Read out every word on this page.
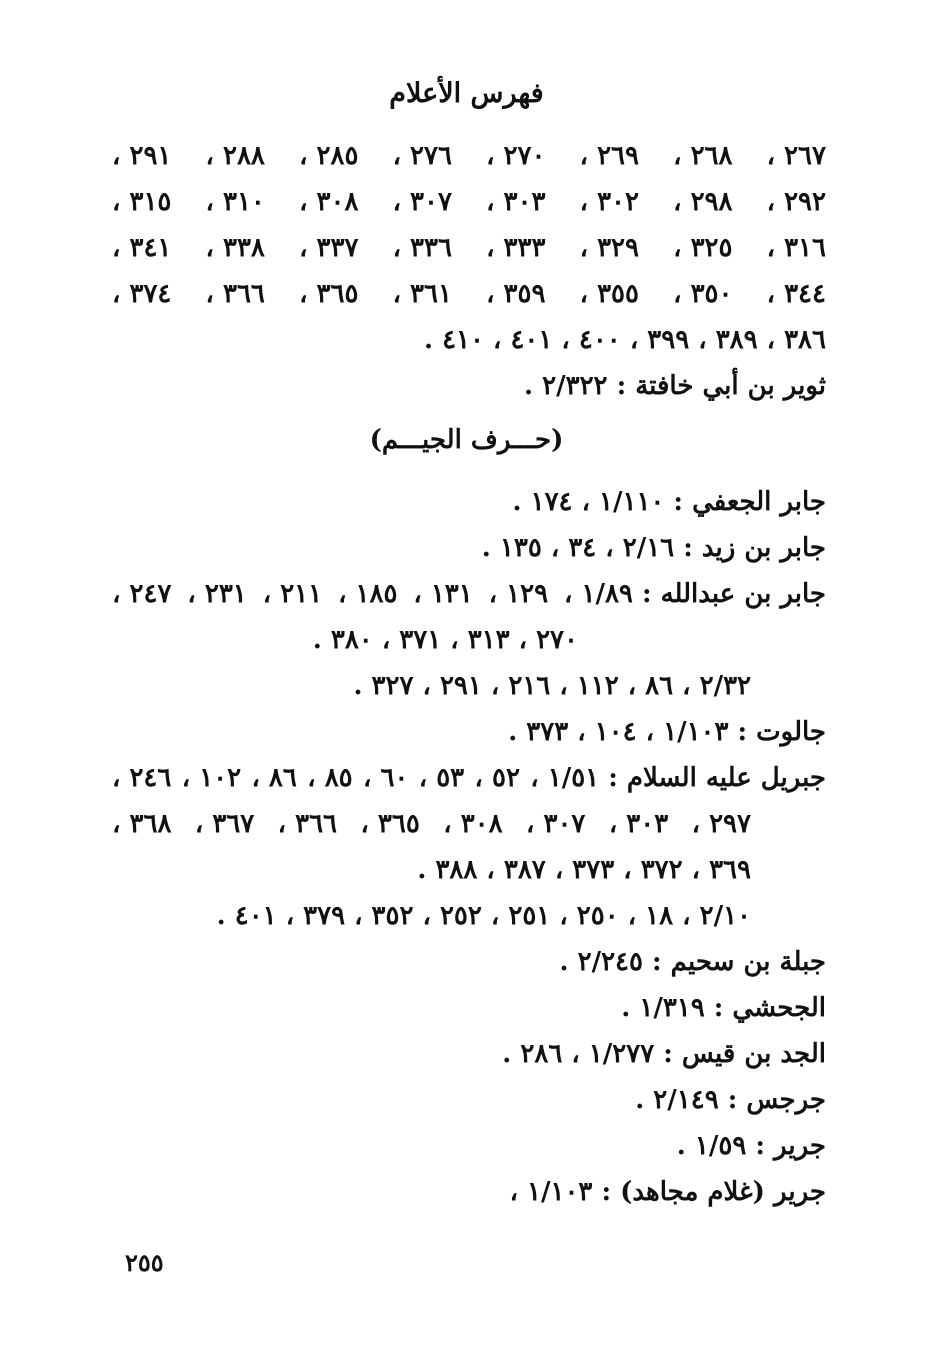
فهرس الأعلام
٢٦٧ ،
٢٦٨ ،
٢٦٩ ،
٢٧٠ ،
٢٧٦ ،
٢٨٥ ،
٢٨٨ ،
٢٩١ ،
٢٩٢ ،
٢٩٨ ،
٣٠٢ ،
٣٠٣ ،
٣٠٧ ،
٣٠٨ ،
٣١٠ ،
٣١٥ ،
٣١٦ ،
٣٢٥ ،
٣٢٩ ،
٣٣٣ ،
٣٣٦ ،
٣٣٧ ،
٣٣٨ ،
٣٤١ ،
٣٤٤ ،
٣٥٠ ،
٣٥٥ ،
٣٥٩ ،
٣٦١ ،
٣٦٥ ،
٣٦٦ ،
٣٧٤ ،
٣٨٦ ، ٣٨٩ ، ٣٩٩ ، ٤٠٠ ، ٤٠١ ، ٤١٠ .
ثوير بن أبي خافتة : ٢/٣٢٢ .
(حـــرف الجيـــم)
جابر الجعفي : ١/١١٠ ، ١٧٤ .
جابر بن زيد : ٢/١٦ ، ٣٤ ، ١٣٥ .
جابر بن عبدالله : ١/٨٩ ،
١٢٩ ،
١٣١ ،
١٨٥ ،
٢١١ ،
٢٣١ ،
٢٤٧ ،
٢٧٠ ، ٣١٣ ، ٣٧١ ، ٣٨٠ .
٢/٣٢ ، ٨٦ ، ١١٢ ، ٢١٦ ، ٢٩١ ، ٣٢٧ .
جالوت : ١/١٠٣ ، ١٠٤ ، ٣٧٣ .
جبريل عليه السلام : ١/٥١ ،
٥٢ ،
٥٣ ،
٦٠ ،
٨٥ ،
٨٦ ،
١٠٢ ،
٢٤٦ ،
٢٩٧ ،
٣٠٣ ،
٣٠٧ ،
٣٠٨ ،
٣٦٥ ،
٣٦٦ ،
٣٦٧ ،
٣٦٨ ،
٣٦٩ ، ٣٧٢ ، ٣٧٣ ، ٣٨٧ ، ٣٨٨ .
٢/١٠ ، ١٨ ، ٢٥٠ ، ٢٥١ ، ٢٥٢ ، ٣٥٢ ، ٣٧٩ ، ٤٠١ .
جبلة بن سحيم : ٢/٢٤٥ .
الجحشي : ١/٣١٩ .
الجد بن قيس : ١/٢٧٧ ، ٢٨٦ .
جرجس : ٢/١٤٩ .
جرير : ١/٥٩ .
جرير (غلام مجاهد) : ١/١٠٣ ،
٢٥٥
